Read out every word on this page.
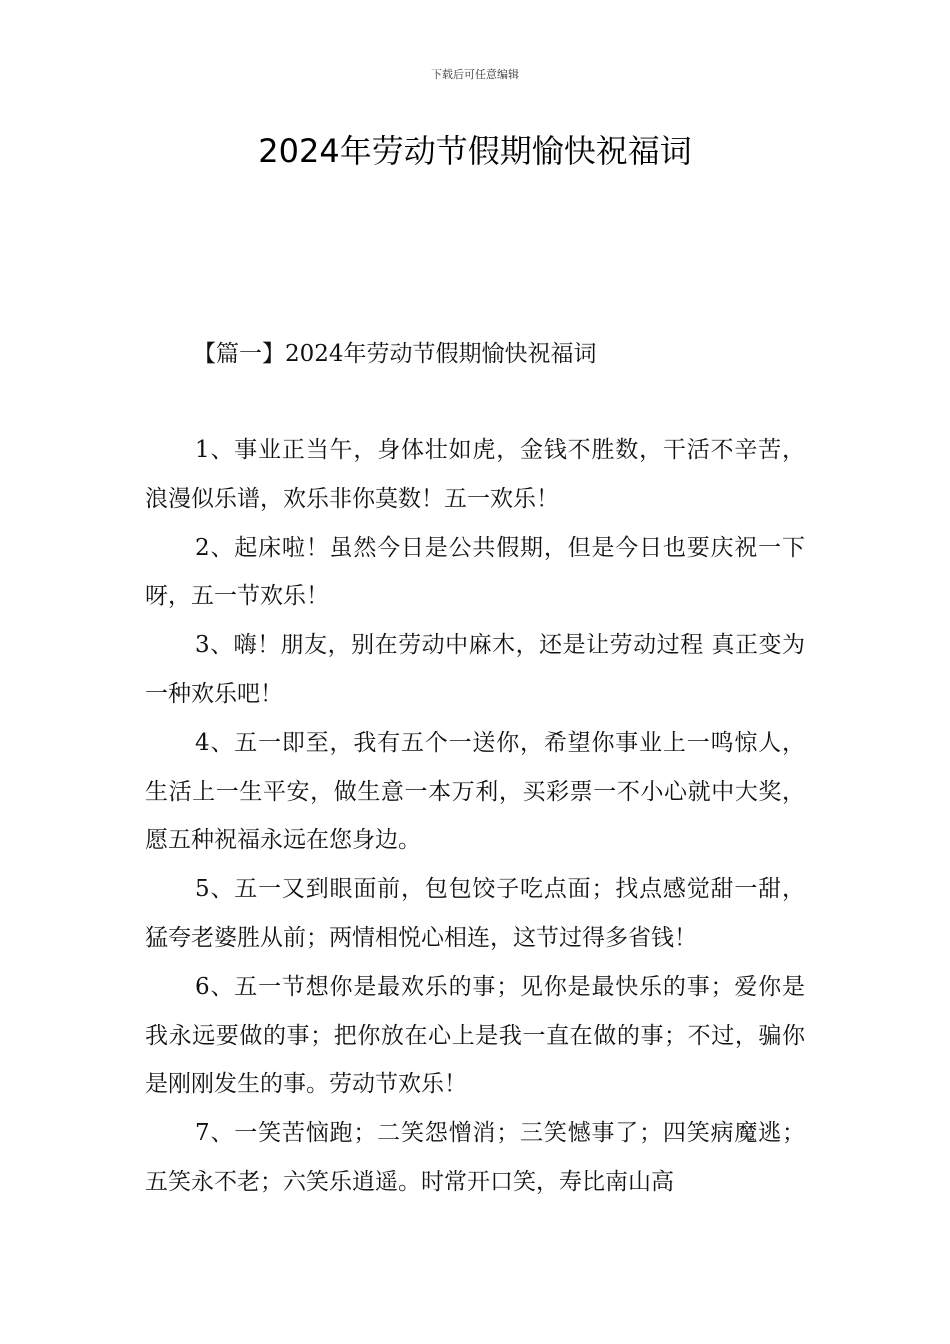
下载后可任意编辑
2024年劳动节假期愉快祝福词
【篇一】2024年劳动节假期愉快祝福词

1、事业正当午，身体壮如虎，金钱不胜数，干活不辛苦，浪漫似乐谱，欢乐非你莫数！五一欢乐！

2、起床啦！虽然今日是公共假期，但是今日也要庆祝一下呀，五一节欢乐！

3、嗨！朋友，别在劳动中麻木，还是让劳动过程 真正变为一种欢乐吧！

4、五一即至，我有五个一送你，希望你事业上一鸣惊人，生活上一生平安，做生意一本万利，买彩票一不小心就中大奖，愿五种祝福永远在您身边。

5、五一又到眼面前，包包饺子吃点面；找点感觉甜一甜，猛夸老婆胜从前；两情相悦心相连，这节过得多省钱！

6、五一节想你是最欢乐的事；见你是最快乐的事；爱你是我永远要做的事；把你放在心上是我一直在做的事；不过，骗你是刚刚发生的事。劳动节欢乐！

7、一笑苦恼跑；二笑怨憎消；三笑憾事了；四笑病魔逃；五笑永不老；六笑乐逍遥。时常开口笑，寿比南山高
